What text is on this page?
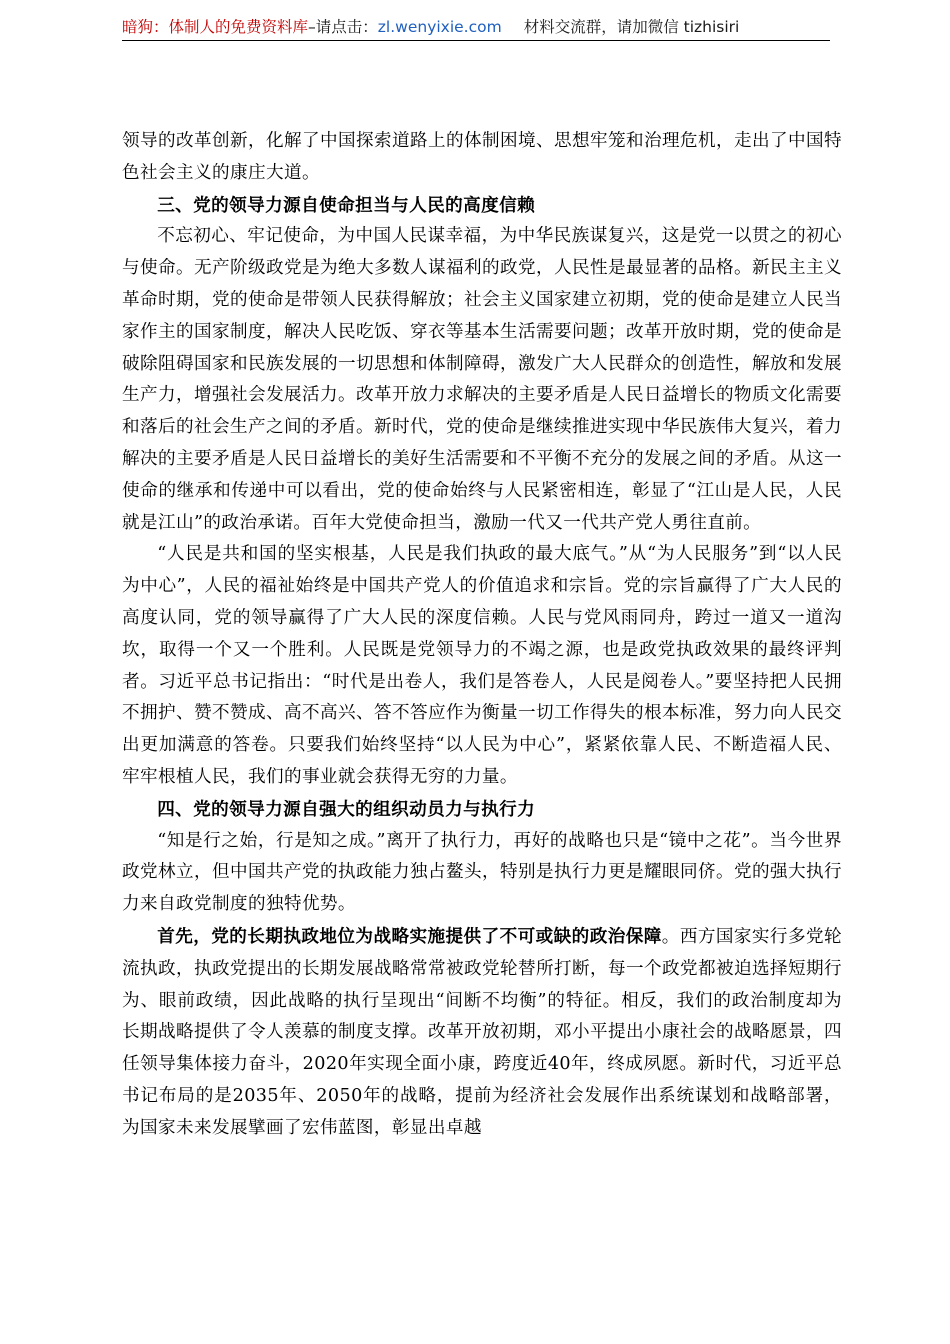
暗狗：体制人的免费资料库–请点击：zl.wenyixie.com 材料交流群，请加微信 tizhisiri

领导的改革创新，化解了中国探索道路上的体制困境、思想牢笼和治理危机，走出了中国特色社会主义的康庄大道。

三、党的领导力源自使命担当与人民的高度信赖

不忘初心、牢记使命，为中国人民谋幸福，为中华民族谋复兴，这是党一以贯之的初心与使命。无产阶级政党是为绝大多数人谋福利的政党，人民性是最显著的品格。新民主主义革命时期，党的使命是带领人民获得解放；社会主义国家建立初期，党的使命是建立人民当家作主的国家制度，解决人民吃饭、穿衣等基本生活需要问题；改革开放时期，党的使命是破除阻碍国家和民族发展的一切思想和体制障碍，激发广大人民群众的创造性，解放和发展生产力，增强社会发展活力。改革开放力求解决的主要矛盾是人民日益增长的物质文化需要和落后的社会生产之间的矛盾。新时代，党的使命是继续推进实现中华民族伟大复兴，着力解决的主要矛盾是人民日益增长的美好生活需要和不平衡不充分的发展之间的矛盾。从这一使命的继承和传递中可以看出，党的使命始终与人民紧密相连，彰显了“江山是人民，人民就是江山”的政治承诺。百年大党使命担当，激励一代又一代共产党人勇往直前。

“人民是共和国的坚实根基，人民是我们执政的最大底气。”从“为人民服务”到“以人民为中心”，人民的福祉始终是中国共产党人的价值追求和宗旨。党的宗旨赢得了广大人民的高度认同，党的领导赢得了广大人民的深度信赖。人民与党风雨同舟，跨过一道又一道沟坎，取得一个又一个胜利。人民既是党领导力的不竭之源，也是政党执政效果的最终评判者。习近平总书记指出：“时代是出卷人，我们是答卷人，人民是阅卷人。”要坚持把人民拥不拥护、赞不赞成、高不高兴、答不答应作为衡量一切工作得失的根本标准，努力向人民交出更加满意的答卷。只要我们始终坚持“以人民为中心”，紧紧依靠人民、不断造福人民、牢牢根植人民，我们的事业就会获得无穷的力量。

四、党的领导力源自强大的组织动员力与执行力

“知是行之始，行是知之成。”离开了执行力，再好的战略也只是“镜中之花”。当今世界政党林立，但中国共产党的执政能力独占鳌头，特别是执行力更是耀眼同侪。党的强大执行力来自政党制度的独特优势。

首先，党的长期执政地位为战略实施提供了不可或缺的政治保障。西方国家实行多党轮流执政，执政党提出的长期发展战略常常被政党轮替所打断，每一个政党都被迫选择短期行为、眼前政绩，因此战略的执行呈现出“间断不均衡”的特征。相反，我们的政治制度却为长期战略提供了令人羡慕的制度支撑。改革开放初期，邓小平提出小康社会的战略愿景，四任领导集体接力奋斗，2020年实现全面小康，跨度近40年，终成夙愿。新时代，习近平总书记布局的是2035年、2050年的战略，提前为经济社会发展作出系统谋划和战略部署，为国家未来发展擘画了宏伟蓝图，彰显出卓越
